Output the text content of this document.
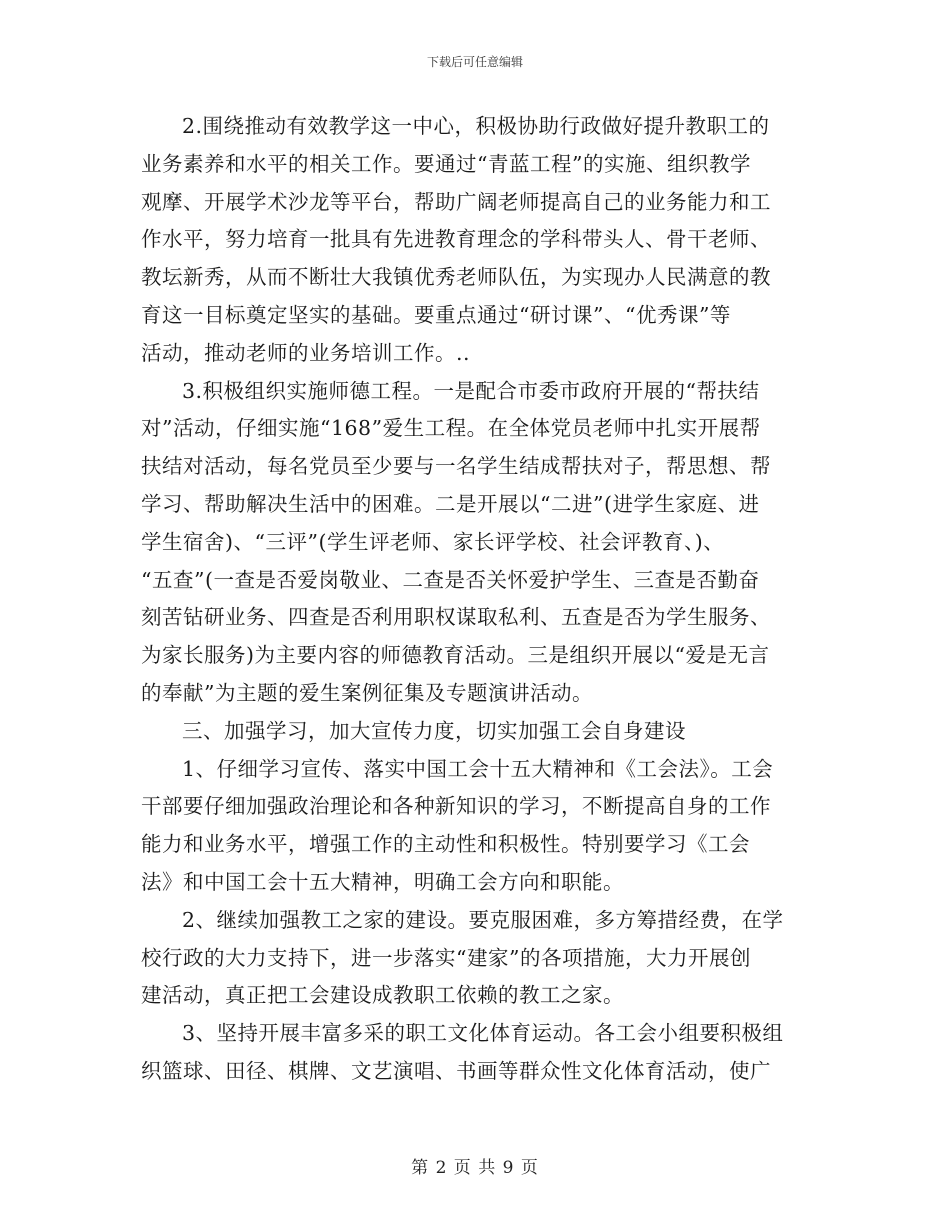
下载后可任意编辑

2.围绕推动有效教学这一中心，积极协助行政做好提升教职工的
业务素养和水平的相关工作。要通过“青蓝工程”的实施、组织教学
观摩、开展学术沙龙等平台，帮助广阔老师提高自己的业务能力和工
作水平，努力培育一批具有先进教育理念的学科带头人、骨干老师、
教坛新秀，从而不断壮大我镇优秀老师队伍，为实现办人民满意的教
育这一目标奠定坚实的基础。要重点通过“研讨课”、“优秀课”等
活动，推动老师的业务培训工作。..

3.积极组织实施师德工程。一是配合市委市政府开展的“帮扶结
对”活动，仔细实施“168”爱生工程。在全体党员老师中扎实开展帮
扶结对活动，每名党员至少要与一名学生结成帮扶对子，帮思想、帮
学习、帮助解决生活中的困难。二是开展以“二进”(进学生家庭、进
学生宿舍)、“三评”(学生评老师、家长评学校、社会评教育、)、
“五查”(一查是否爱岗敬业、二查是否关怀爱护学生、三查是否勤奋
刻苦钻研业务、四查是否利用职权谋取私利、五查是否为学生服务、
为家长服务)为主要内容的师德教育活动。三是组织开展以“爱是无言
的奉献”为主题的爱生案例征集及专题演讲活动。

三、加强学习，加大宣传力度，切实加强工会自身建设

1、仔细学习宣传、落实中国工会十五大精神和《工会法》。工会
干部要仔细加强政治理论和各种新知识的学习，不断提高自身的工作
能力和业务水平，增强工作的主动性和积极性。特别要学习《工会
法》和中国工会十五大精神，明确工会方向和职能。

2、继续加强教工之家的建设。要克服困难，多方筹措经费，在学
校行政的大力支持下，进一步落实“建家”的各项措施，大力开展创
建活动，真正把工会建设成教职工依赖的教工之家。

3、坚持开展丰富多采的职工文化体育运动。各工会小组要积极组
织篮球、田径、棋牌、文艺演唱、书画等群众性文化体育活动，使广

第 2 页 共 9 页
